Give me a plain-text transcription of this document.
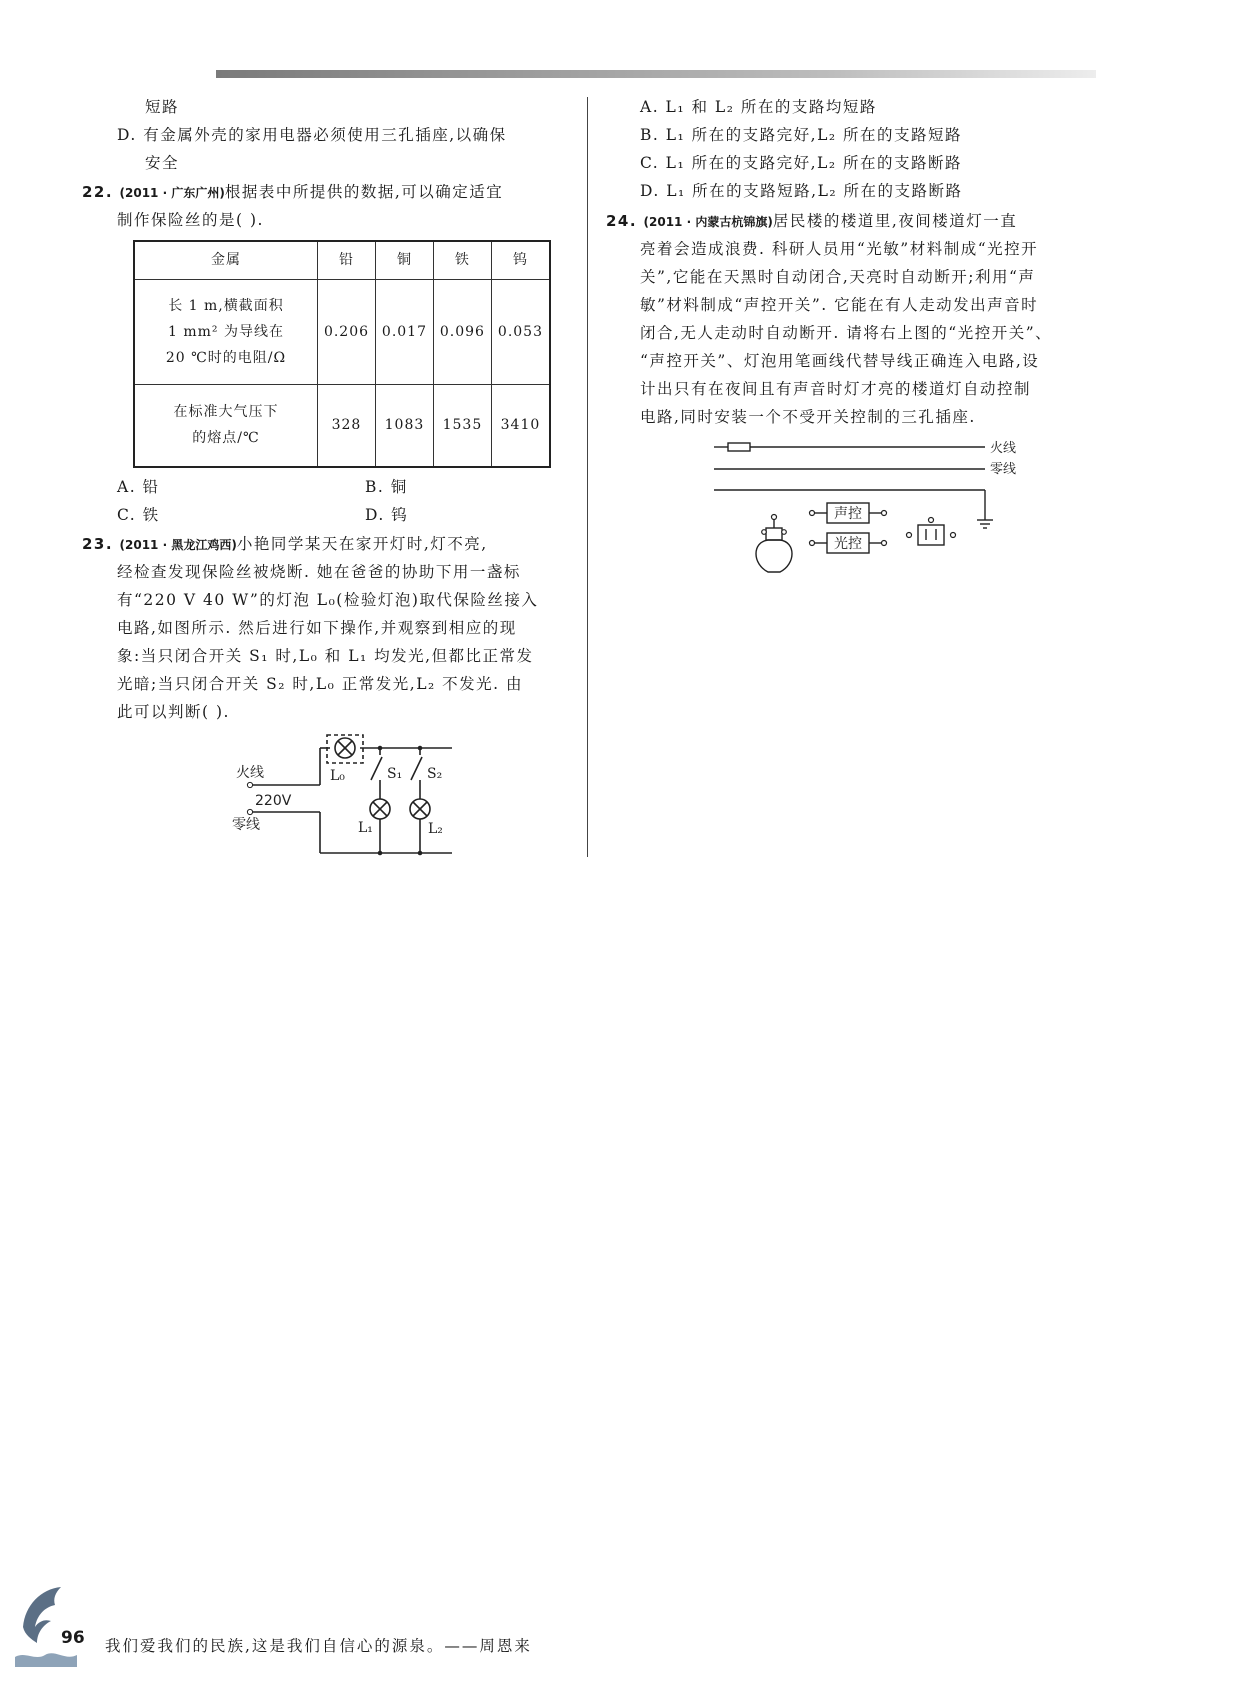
短路
D. 有金属外壳的家用电器必须使用三孔插座,以确保
安全
22. (2011 · 广东广州)根据表中所提供的数据,可以确定适宜
制作保险丝的是( ).
金属	铅	铜	铁	钨

长 1 m,横截面积
1 mm² 为导线在
20 ℃时的电阻/Ω	0.206	0.017	0.096	0.053

在标准大气压下
的熔点/℃	328	1083	1535	3410
A. 铅	B. 铜
C. 铁	D. 钨
23. (2011 · 黑龙江鸡西)小艳同学某天在家开灯时,灯不亮,
经检查发现保险丝被烧断. 她在爸爸的协助下用一盏标
有“220 V 40 W”的灯泡 L₀(检验灯泡)取代保险丝接入
电路,如图所示. 然后进行如下操作,并观察到相应的现
象:当只闭合开关 S₁ 时,L₀ 和 L₁ 均发光,但都比正常发
光暗;当只闭合开关 S₂ 时,L₀ 正常发光,L₂ 不发光. 由
此可以判断( ).
火线
零线
220V
L₀	S₁ S₂
L₁	L₂
A. L₁ 和 L₂ 所在的支路均短路
B. L₁ 所在的支路完好,L₂ 所在的支路短路
C. L₁ 所在的支路完好,L₂ 所在的支路断路
D. L₁ 所在的支路短路,L₂ 所在的支路断路
24. (2011 · 内蒙古杭锦旗)居民楼的楼道里,夜间楼道灯一直
亮着会造成浪费. 科研人员用“光敏”材料制成“光控开
关”,它能在天黑时自动闭合,天亮时自动断开;利用“声
敏”材料制成“声控开关”. 它能在有人走动发出声音时
闭合,无人走动时自动断开. 请将右上图的“光控开关”、
“声控开关”、灯泡用笔画线代替导线正确连入电路,设
计出只有在夜间且有声音时灯才亮的楼道灯自动控制
电路,同时安装一个不受开关控制的三孔插座.
火线
零线
声控
光控
96 我们爱我们的民族,这是我们自信心的源泉。——周恩来
